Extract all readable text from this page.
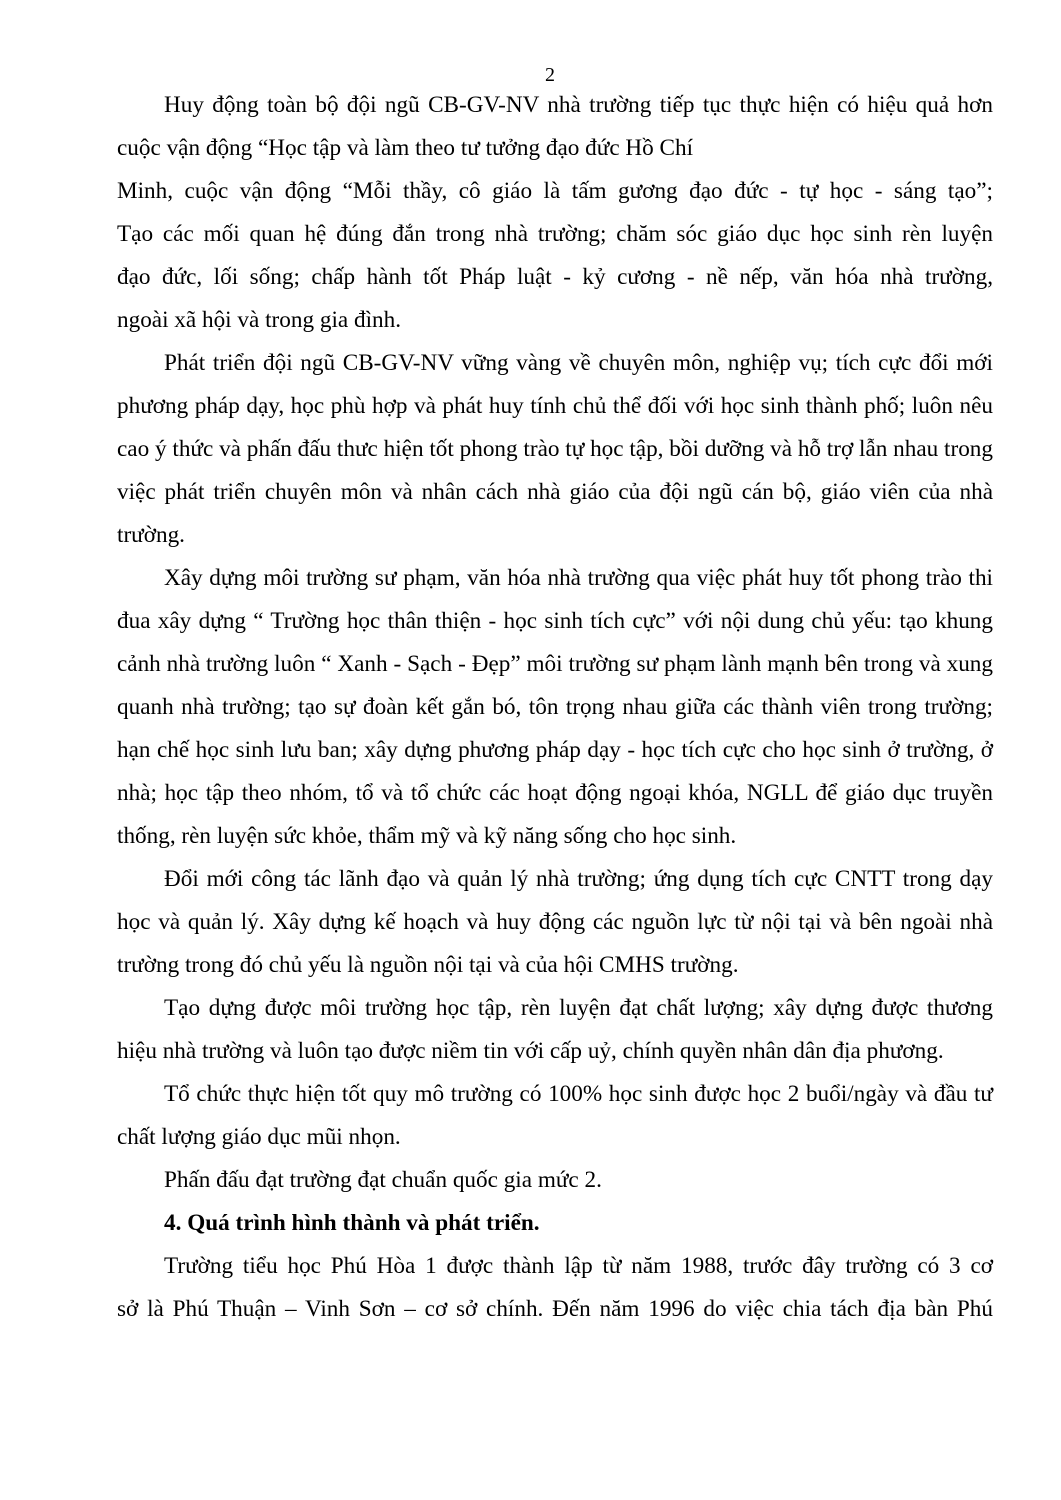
2

Huy động toàn bộ đội ngũ CB-GV-NV nhà trường tiếp tục thực hiện có hiệu quả hơn cuộc vận động “Học tập và làm theo tư tưởng đạo đức Hồ Chí

Minh, cuộc vận động “Mỗi thầy, cô giáo là tấm gương đạo đức - tự học - sáng tạo”;
Tạo các mối quan hệ đúng đắn trong nhà trường; chăm sóc giáo dục học sinh rèn luyện
đạo đức, lối sống; chấp hành tốt Pháp luật - kỷ cương - nề nếp, văn hóa nhà trường,
ngoài xã hội và trong gia đình.

Phát triển đội ngũ CB-GV-NV vững vàng về chuyên môn, nghiệp vụ; tích cực đổi mới phương pháp dạy, học phù hợp và phát huy tính chủ thể đối với học sinh thành phố; luôn nêu cao ý thức và phấn đấu thưc hiện tốt phong trào tự học tập, bồi dưỡng và hỗ trợ lẫn nhau trong việc phát triển chuyên môn và nhân cách nhà giáo của đội ngũ cán bộ, giáo viên của nhà trường.

Xây dựng môi trường sư phạm, văn hóa nhà trường qua việc phát huy tốt phong trào thi đua xây dựng “ Trường học thân thiện - học sinh tích cực” với nội dung chủ yếu: tạo khung cảnh nhà trường luôn “ Xanh - Sạch - Đẹp” môi trường sư phạm lành mạnh bên trong và xung quanh nhà trường; tạo sự đoàn kết gắn bó, tôn trọng nhau giữa các thành viên trong trường; hạn chế học sinh lưu ban; xây dựng phương pháp dạy - học tích cực cho học sinh ở trường, ở nhà; học tập theo nhóm, tổ và tổ chức các hoạt động ngoại khóa, NGLL để giáo dục truyền thống, rèn luyện sức khỏe, thẩm mỹ và kỹ năng sống cho học sinh.

Đổi mới công tác lãnh đạo và quản lý nhà trường; ứng dụng tích cực CNTT trong dạy học và quản lý. Xây dựng kế hoạch và huy động các nguồn lực từ nội tại và bên ngoài nhà trường trong đó chủ yếu là nguồn nội tại và của hội CMHS trường.

Tạo dựng được môi trường học tập, rèn luyện đạt chất lượng; xây dựng được thương hiệu nhà trường và luôn tạo được niềm tin với cấp uỷ, chính quyền nhân dân địa phương.

Tổ chức thực hiện tốt quy mô trường có 100% học sinh được học 2 buổi/ngày và đầu tư chất lượng giáo dục mũi nhọn.

Phấn đấu đạt trường đạt chuẩn quốc gia mức 2.

4. Quá trình hình thành và phát triển.

Trường tiểu học Phú Hòa 1 được thành lập từ năm 1988, trước đây trường có 3 cơ
sở là Phú Thuận – Vinh Sơn – cơ sở chính. Đến năm 1996 do việc chia tách địa bàn Phú
